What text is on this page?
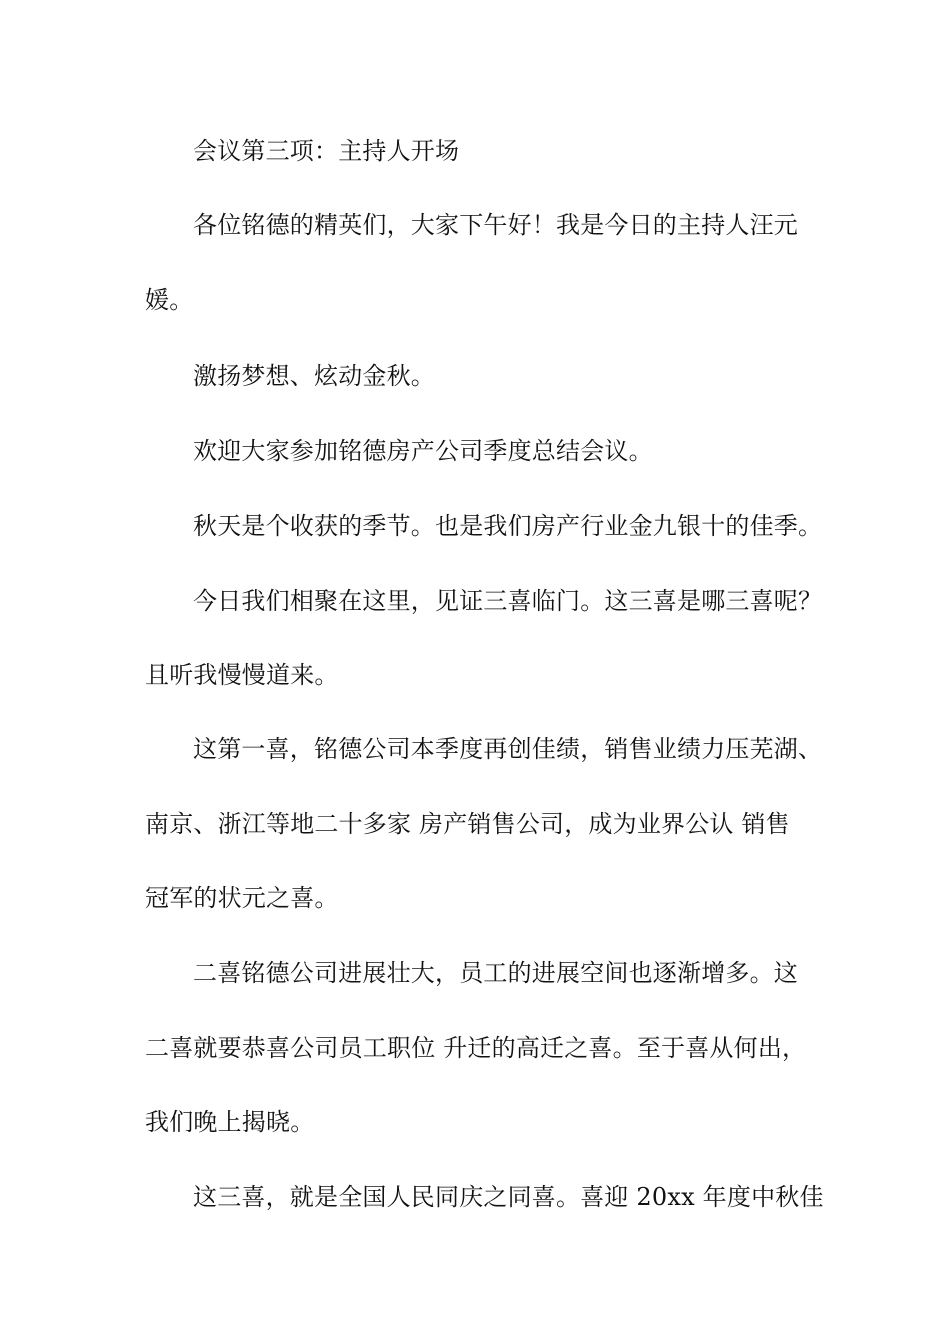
会议第三项：主持人开场
各位铭德的精英们，大家下午好！我是今日的主持人汪元
媛。
激扬梦想、炫动金秋。
欢迎大家参加铭德房产公司季度总结会议。
秋天是个收获的季节。也是我们房产行业金九银十的佳季。
今日我们相聚在这里，见证三喜临门。这三喜是哪三喜呢？
且听我慢慢道来。
这第一喜，铭德公司本季度再创佳绩，销售业绩力压芜湖、
南京、浙江等地二十多家 房产销售公司，成为业界公认 销售
冠军的状元之喜。
二喜铭德公司进展壮大，员工的进展空间也逐渐增多。这
二喜就要恭喜公司员工职位 升迁的高迁之喜。至于喜从何出，
我们晚上揭晓。
这三喜，就是全国人民同庆之同喜。喜迎 20xx 年度中秋佳
